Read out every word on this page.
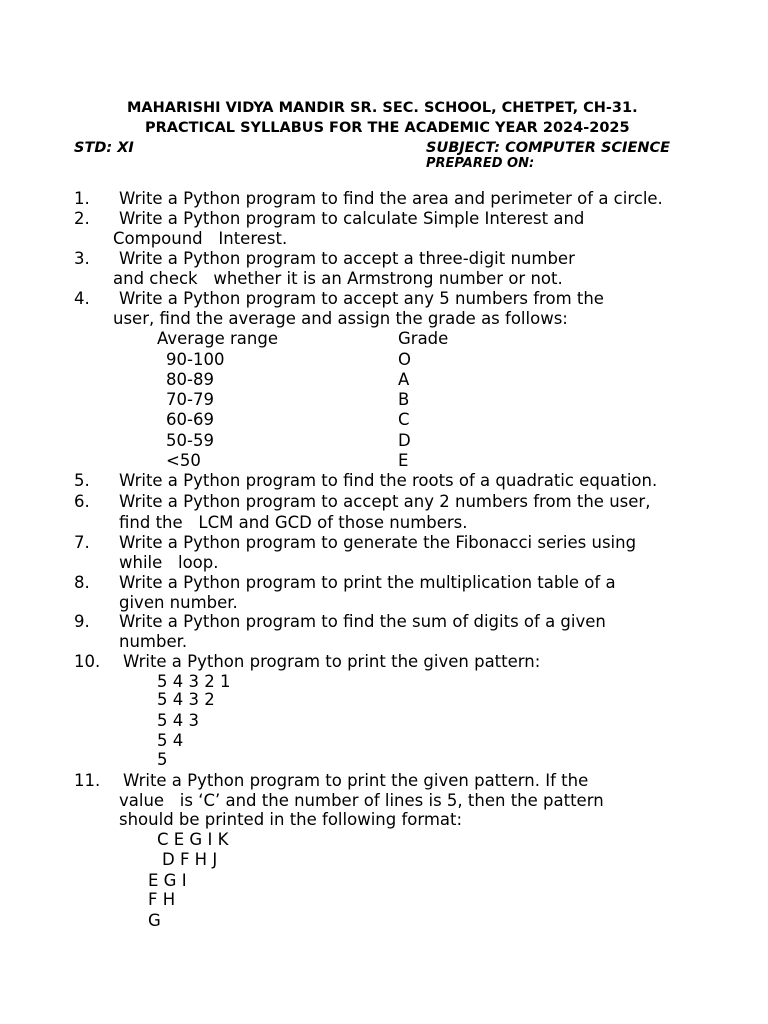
MAHARISHI VIDYA MANDIR SR. SEC. SCHOOL, CHETPET, CH-31.
PRACTICAL SYLLABUS FOR THE ACADEMIC YEAR 2024-2025
STD: XI	SUBJECT: COMPUTER SCIENCE
PREPARED ON:
1. Write a Python program to find the area and perimeter of a circle.
2. Write a Python program to calculate Simple Interest and
Compound   Interest.
3. Write a Python program to accept a three-digit number
and check   whether it is an Armstrong number or not.
4. Write a Python program to accept any 5 numbers from the
user, find the average and assign the grade as follows:
Average range	Grade
90-100	O
80-89	A
70-79	B
60-69	C
50-59	D
<50	E
5. Write a Python program to find the roots of a quadratic equation.
6. Write a Python program to accept any 2 numbers from the user,
find the   LCM and GCD of those numbers.
7. Write a Python program to generate the Fibonacci series using
while   loop.
8. Write a Python program to print the multiplication table of a
given number.
9. Write a Python program to find the sum of digits of a given
number.
10. Write a Python program to print the given pattern:
5 4 3 2 1
5 4 3 2
5 4 3
5 4
5
11. Write a Python program to print the given pattern. If the
value   is ‘C’ and the number of lines is 5, then the pattern
should be printed in the following format:
C E G I K
D F H J
E G I
F H
G
